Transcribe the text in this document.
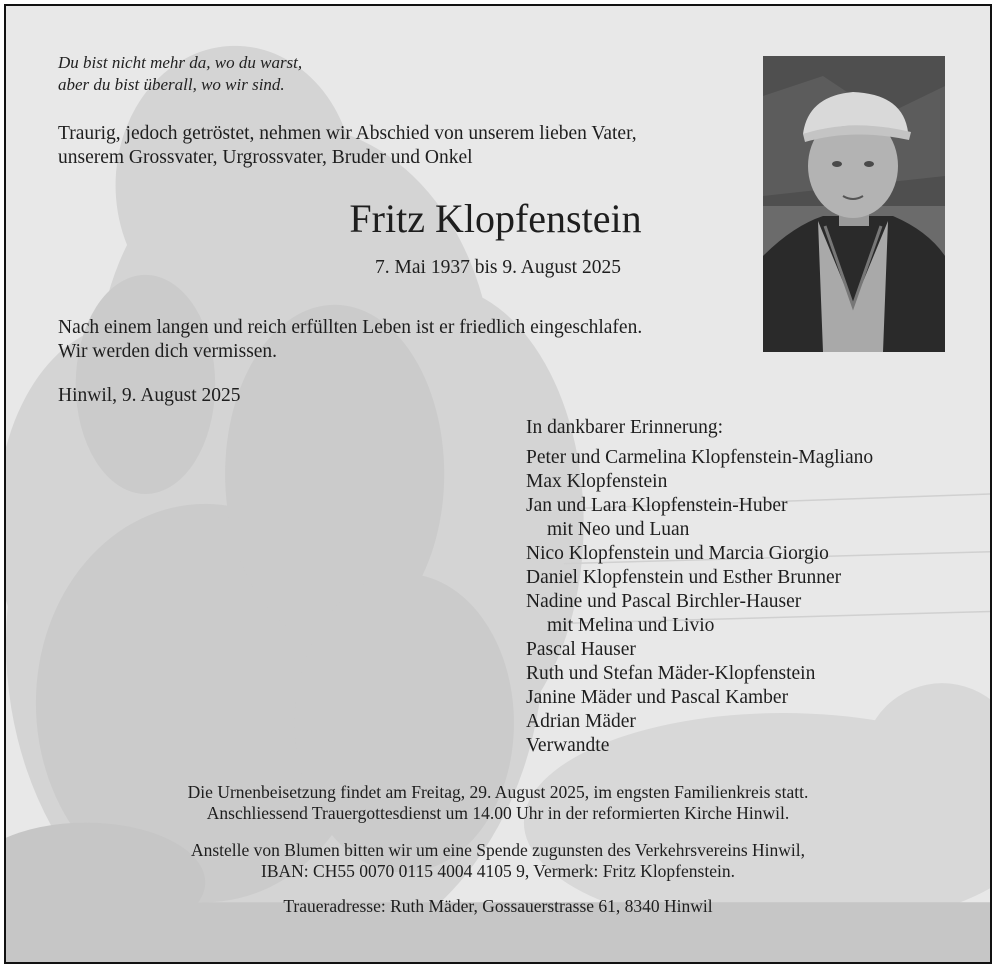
Du bist nicht mehr da, wo du warst,

aber du bist überall, wo wir sind.

Traurig, jedoch getröstet, nehmen wir Abschied von unserem lieben Vater,

unserem Grossvater, Urgrossvater, Bruder und Onkel

Fritz Klopfenstein

7. Mai 1937 bis 9. August 2025

Nach einem langen und reich erfüllten Leben ist er friedlich eingeschlafen.

Wir werden dich vermissen.

Hinwil, 9. August 2025

In dankbarer Erinnerung:

Peter und Carmelina Klopfenstein-Magliano
Max Klopfenstein
Jan und Lara Klopfenstein-Huber
mit Neo und Luan
Nico Klopfenstein und Marcia Giorgio
Daniel Klopfenstein und Esther Brunner
Nadine und Pascal Birchler-Hauser
mit Melina und Livio
Pascal Hauser
Ruth und Stefan Mäder-Klopfenstein
Janine Mäder und Pascal Kamber
Adrian Mäder
Verwandte

Die Urnenbeisetzung findet am Freitag, 29. August 2025, im engsten Familienkreis statt.

Anschliessend Trauergottesdienst um 14.00 Uhr in der reformierten Kirche Hinwil.

Anstelle von Blumen bitten wir um eine Spende zugunsten des Verkehrsvereins Hinwil,

IBAN: CH55 0070 0115 4004 4105 9, Vermerk: Fritz Klopfenstein.

Traueradresse: Ruth Mäder, Gossauerstrasse 61, 8340 Hinwil
